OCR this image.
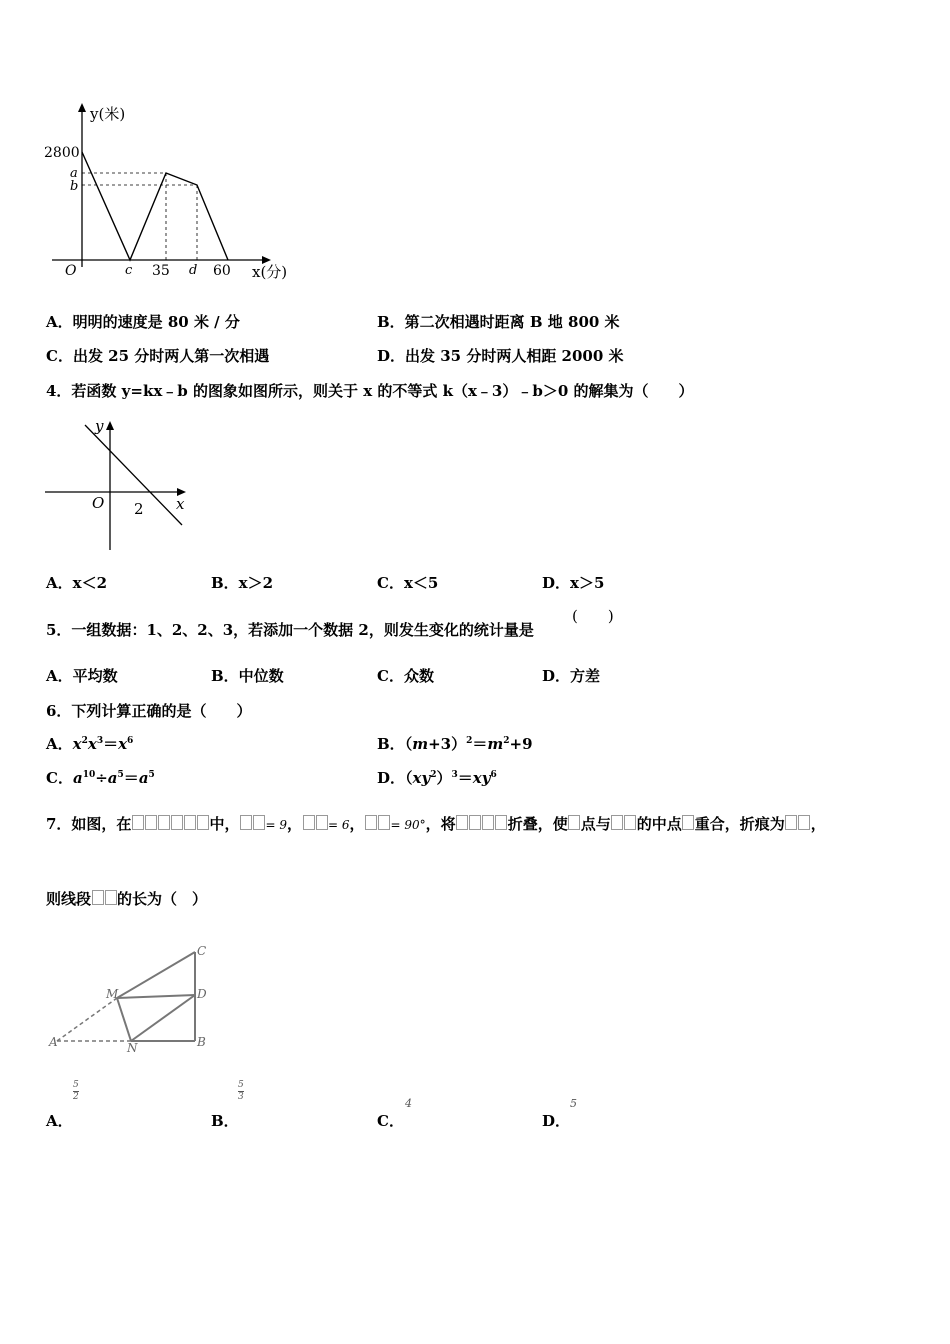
y(米)
2800
a
b
O	c 35 d 60 x(分)
A．明明的速度是 80 米 / 分	B．第二次相遇时距离 B 地 800 米
C．出发 25 分时两人第一次相遇	D．出发 35 分时两人相距 2000 米
4．若函数 y=kx﹣b 的图象如图所示，则关于 x 的不等式 k（x﹣3）﹣b＞0 的解集为（　　）
y
x
O 2
A．x＜2	B．x＞2	C．x＜5	D．x＞5
5．一组数据：1、2、2、3，若添加一个数据 2，则发生变化的统计量是
(　　)
A．平均数	B．中位数	C．众数	D．方差
6．下列计算正确的是（　　）
A．$x^2x^3=x^6$	B．$(m+3)^2=m^2+9$
C．$a^{10}\div a^5=a^5$	D．$(xy^2)^3=xy^6$
7．如图，在	中， = 9， = 6， = 90°，将	折叠，使 点与 的中点 重合，折痕为 ，
则线段 的长为（　）
C
M	D
A	N	B
A．
5
2
B．
5
3
C．
4
D．
5
